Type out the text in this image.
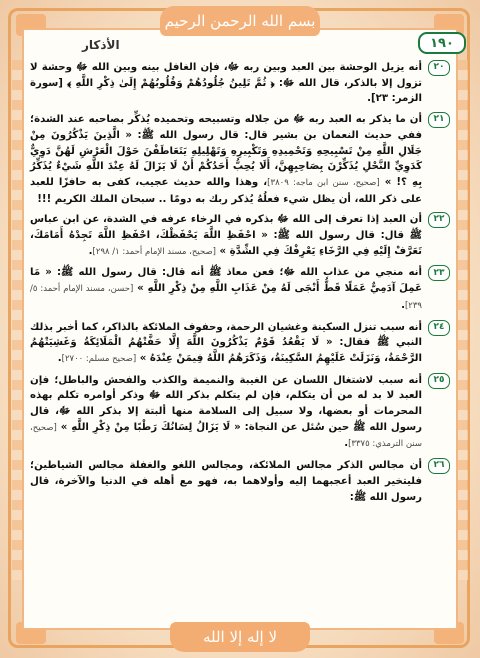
بسم الله الرحمن الرحيم
١٩٠
الأذكار
٢٠
أنه يزيل الوحشة بين العبد وبين ربه ﷻ، فإن الغافل بينه وبين الله ﷻ وحشة لا تزول إلا بالذكر، قال الله ﷻ: ﴿ ثُمَّ تَلِينُ جُلُودُهُمْ وَقُلُوبُهُمْ إِلَىٰ ذِكْرِ اللَّهِ ﴾ [سورة الزمر: ٢٣].
٢١
أن ما يذكر به العبد ربه ﷻ من جلاله وتسبيحه وتحميده يُذكِّر بصاحبه عند الشدة؛ ففي حديث النعمان بن بشير قال: قال رسول الله ﷺ: « الَّذِينَ يَذْكُرُونَ مِنْ جَلَالِ اللَّهِ مِنْ تَسْبِيحِهِ وَتَحْمِيدِهِ وَتَكْبِيرِهِ وَتَهْلِيلِهِ يَتَعَاطَفْنَ حَوْلَ الْعَرْشِ لَهُنَّ دَوِيٌّ كَدَوِيِّ النَّحْلِ يُذَكِّرْنَ بِصَاحِبِهِنَّ، أَلَا يُحِبُّ أَحَدُكُمْ أَنْ لَا يَزَالَ لَهُ عِنْدَ اللَّهِ شَيْءٌ يُذَكِّرُ بِهِ ؟! » [صحيح، سنن ابن ماجه: ٣٨٠٩]، وهذا والله حديث عجيب، كفى به حافزًا للعبد على ذكر الله، أن يظل شيء فعلُهُ يُذكر ربك به دومًا .. سبحان الملك الكريم !!!
٢٢
أن العبد إذا تعرف إلى الله ﷻ بذكره في الرخاء عرفه في الشدة، عن ابن عباس ﷺ قال: قال رسول الله ﷺ: « احْفَظِ اللَّهَ يَحْفَظْكَ، احْفَظِ اللَّهَ تَجِدْهُ أَمَامَكَ، تَعَرَّفْ إِلَيْهِ فِي الرَّخَاءِ يَعْرِفْكَ فِي الشِّدَّةِ » [صحيح، مسند الإمام أحمد: ١/ ٢٩٨].
٢٣
أنه منجي من عذاب الله ﷻ؛ فعن معاذ ﷺ أنه قال: قال رسول الله ﷺ: « مَا عَمِلَ آدَمِيٌّ عَمَلًا قَطُّ أَنْجَى لَهُ مِنْ عَذَابِ اللَّهِ مِنْ ذِكْرِ اللَّهِ » [حسن، مسند الإمام أحمد: ٥/ ٢٣٩].
٢٤
أنه سبب تنزل السكينة وغشيان الرحمة، وحفوف الملائكة بالذاكر، كما أخبر بذلك النبي ﷺ فقال: « لَا يَقْعُدُ قَوْمٌ يَذْكُرُونَ اللَّهَ إِلَّا حَفَّتْهُمُ الْمَلَائِكَةُ وَغَشِيَتْهُمُ الرَّحْمَةُ، وَنَزَلَتْ عَلَيْهِمُ السَّكِينَةُ، وَذَكَرَهُمُ اللَّهُ فِيمَنْ عِنْدَهُ » [صحيح مسلم: ٢٧٠٠].
٢٥
أنه سبب لاشتغال اللسان عن الغيبة والنميمة والكذب والفحش والباطل؛ فإن العبد لا بد له من أن يتكلم، فإن لم يتكلم بذكر الله ﷻ وذكر أوامره تكلم بهذه المحرمات أو بعضها، ولا سبيل إلى السلامة منها ألبتة إلا بذكر الله ﷻ، قال رسول الله ﷺ حين سُئل عن النجاة: « لَا يَزَالُ لِسَانُكَ رَطْبًا مِنْ ذِكْرِ اللَّهِ » [صحيح، سنن الترمذي: ٣٣٧٥].
٢٦
أن مجالس الذكر مجالس الملائكة، ومجالس اللغو والغفلة مجالس الشياطين؛ فليتخير العبد أعجبهما إليه وأولاهما به، فهو مع أهله في الدنيا والآخرة، قال رسول الله ﷺ:
لا إله إلا الله
